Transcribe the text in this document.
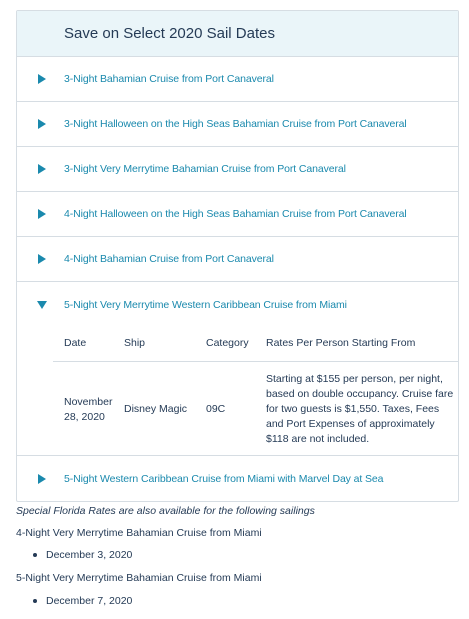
Save on Select 2020 Sail Dates
3-Night Bahamian Cruise from Port Canaveral
3-Night Halloween on the High Seas Bahamian Cruise from Port Canaveral
3-Night Very Merrytime Bahamian Cruise from Port Canaveral
4-Night Halloween on the High Seas Bahamian Cruise from Port Canaveral
4-Night Bahamian Cruise from Port Canaveral
5-Night Very Merrytime Western Caribbean Cruise from Miami
Date	Ship	Category	Rates Per Person Starting From
November 28, 2020	Disney Magic	09C	Starting at $155 per person, per night, based on double occupancy. Cruise fare for two guests is $1,550. Taxes, Fees and Port Expenses of approximately $118 are not included.
5-Night Western Caribbean Cruise from Miami with Marvel Day at Sea
Special Florida Rates are also available for the following sailings
4-Night Very Merrytime Bahamian Cruise from Miami
December 3, 2020
5-Night Very Merrytime Bahamian Cruise from Miami
December 7, 2020
